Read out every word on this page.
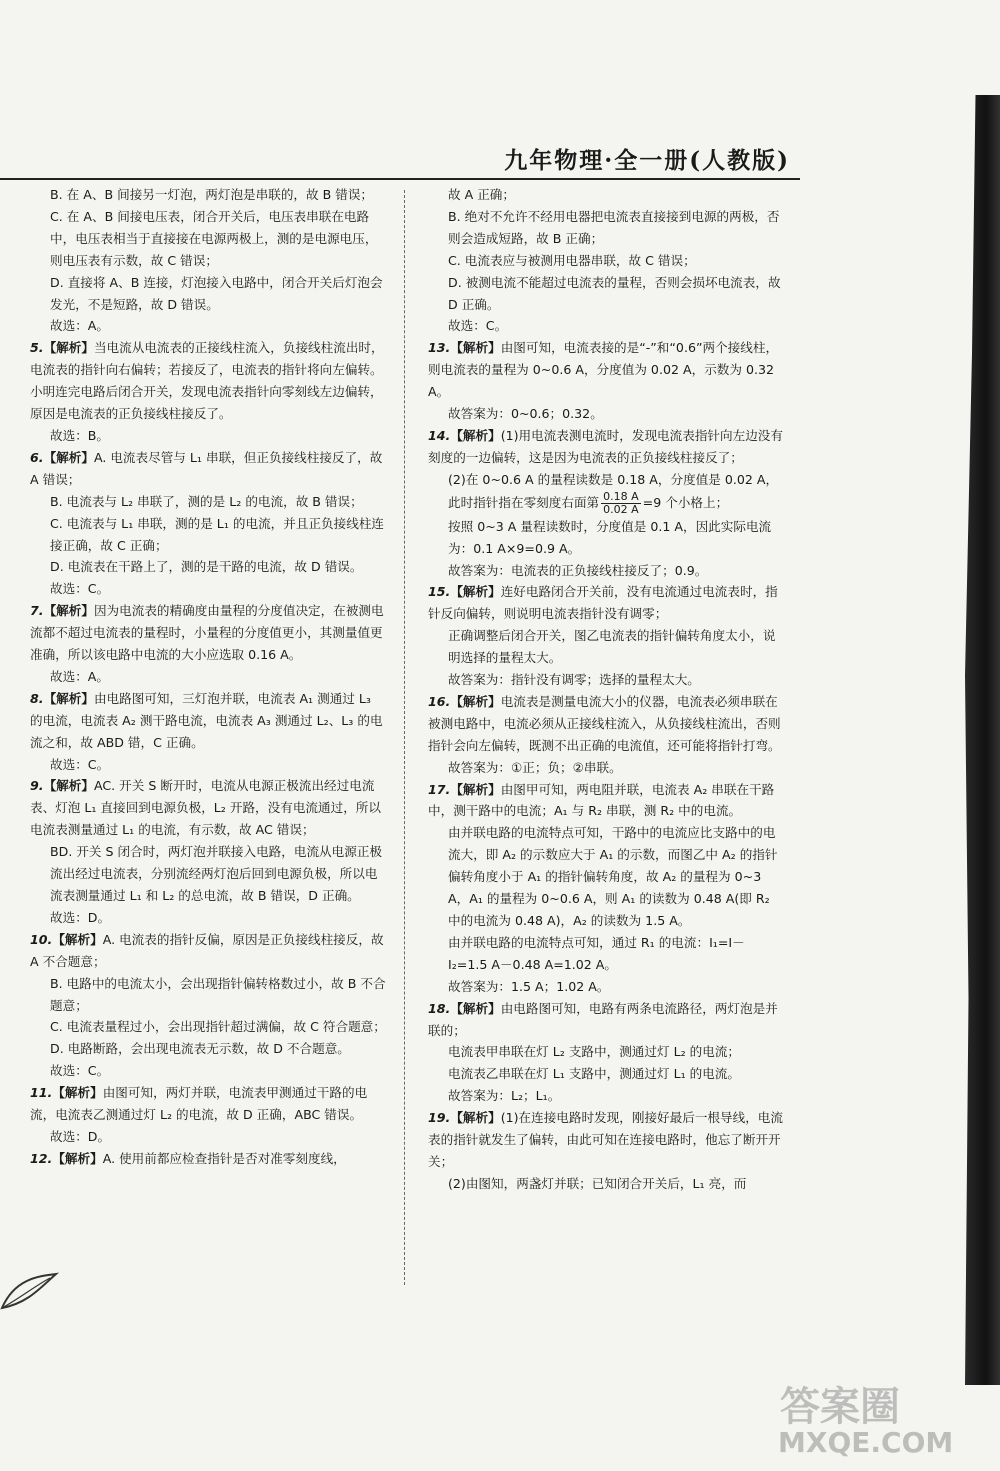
九年物理·全一册(人教版)

B. 在 A、B 间接另一灯泡，两灯泡是串联的，故 B 错误；

C. 在 A、B 间接电压表，闭合开关后，电压表串联在电路中，电压表相当于直接接在电源两极上，测的是电源电压，则电压表有示数，故 C 错误；

D. 直接将 A、B 连接，灯泡接入电路中，闭合开关后灯泡会发光，不是短路，故 D 错误。

故选：A。

5.【解析】当电流从电流表的正接线柱流入，负接线柱流出时，电流表的指针向右偏转；若接反了，电流表的指针将向左偏转。小明连完电路后闭合开关，发现电流表指针向零刻线左边偏转，原因是电流表的正负接线柱接反了。

故选：B。

6.【解析】A. 电流表尽管与 L₁ 串联，但正负接线柱接反了，故 A 错误；

B. 电流表与 L₂ 串联了，测的是 L₂ 的电流，故 B 错误；

C. 电流表与 L₁ 串联，测的是 L₁ 的电流，并且正负接线柱连接正确，故 C 正确；

D. 电流表在干路上了，测的是干路的电流，故 D 错误。

故选：C。

7.【解析】因为电流表的精确度由量程的分度值决定，在被测电流都不超过电流表的量程时，小量程的分度值更小，其测量值更准确，所以该电路中电流的大小应选取 0.16 A。

故选：A。

8.【解析】由电路图可知，三灯泡并联，电流表 A₁ 测通过 L₃ 的电流，电流表 A₂ 测干路电流，电流表 A₃ 测通过 L₂、L₃ 的电流之和，故 ABD 错，C 正确。

故选：C。

9.【解析】AC. 开关 S 断开时，电流从电源正极流出经过电流表、灯泡 L₁ 直接回到电源负极，L₂ 开路，没有电流通过，所以电流表测量通过 L₁ 的电流，有示数，故 AC 错误；

BD. 开关 S 闭合时，两灯泡并联接入电路，电流从电源正极流出经过电流表，分别流经两灯泡后回到电源负极，所以电流表测量通过 L₁ 和 L₂ 的总电流，故 B 错误，D 正确。

故选：D。

10.【解析】A. 电流表的指针反偏，原因是正负接线柱接反，故 A 不合题意；

B. 电路中的电流太小，会出现指针偏转格数过小，故 B 不合题意；

C. 电流表量程过小，会出现指针超过满偏，故 C 符合题意；

D. 电路断路，会出现电流表无示数，故 D 不合题意。

故选：C。

11.【解析】由图可知，两灯并联，电流表甲测通过干路的电流，电流表乙测通过灯 L₂ 的电流，故 D 正确，ABC 错误。

故选：D。

12.【解析】A. 使用前都应检查指针是否对准零刻度线，

故 A 正确；

B. 绝对不允许不经用电器把电流表直接接到电源的两极，否则会造成短路，故 B 正确；

C. 电流表应与被测用电器串联，故 C 错误；

D. 被测电流不能超过电流表的量程，否则会损坏电流表，故 D 正确。

故选：C。

13.【解析】由图可知，电流表接的是“-”和“0.6”两个接线柱，则电流表的量程为 0~0.6 A，分度值为 0.02 A，示数为 0.32 A。

故答案为：0~0.6；0.32。

14.【解析】(1)用电流表测电流时，发现电流表指针向左边没有刻度的一边偏转，这是因为电流表的正负接线柱接反了；

(2)在 0~0.6 A 的量程读数是 0.18 A，分度值是 0.02 A，此时指针指在零刻度右面第 $\frac{0.18 A}{0.02 A} =9$ 个小格上；

按照 0~3 A 量程读数时，分度值是 0.1 A，因此实际电流为：0.1 A×9=0.9 A。

故答案为：电流表的正负接线柱接反了；0.9。

15.【解析】连好电路闭合开关前，没有电流通过电流表时，指针反向偏转，则说明电流表指针没有调零；

正确调整后闭合开关，图乙电流表的指针偏转角度太小，说明选择的量程太大。

故答案为：指针没有调零；选择的量程太大。

16.【解析】电流表是测量电流大小的仪器，电流表必须串联在被测电路中，电流必须从正接线柱流入，从负接线柱流出，否则指针会向左偏转，既测不出正确的电流值，还可能将指针打弯。

故答案为：①正；负；②串联。

17.【解析】由图甲可知，两电阻并联，电流表 A₂ 串联在干路中，测干路中的电流；A₁ 与 R₂ 串联，测 R₂ 中的电流。

由并联电路的电流特点可知，干路中的电流应比支路中的电流大，即 A₂ 的示数应大于 A₁ 的示数，而图乙中 A₂ 的指针偏转角度小于 A₁ 的指针偏转角度，故 A₂ 的量程为 0~3 A，A₁ 的量程为 0~0.6 A，则 A₁ 的读数为 0.48 A(即 R₂ 中的电流为 0.48 A)，A₂ 的读数为 1.5 A。

由并联电路的电流特点可知，通过 R₁ 的电流：I₁=I－I₂=1.5 A－0.48 A=1.02 A。

故答案为：1.5 A；1.02 A。

18.【解析】由电路图可知，电路有两条电流路径，两灯泡是并联的；

电流表甲串联在灯 L₂ 支路中，测通过灯 L₂ 的电流；

电流表乙串联在灯 L₁ 支路中，测通过灯 L₁ 的电流。

故答案为：L₂；L₁。

19.【解析】(1)在连接电路时发现，刚接好最后一根导线，电流表的指针就发生了偏转，由此可知在连接电路时，他忘了断开开关；

(2)由图知，两盏灯并联；已知闭合开关后，L₁ 亮，而

答案圈
MXQE.COM
